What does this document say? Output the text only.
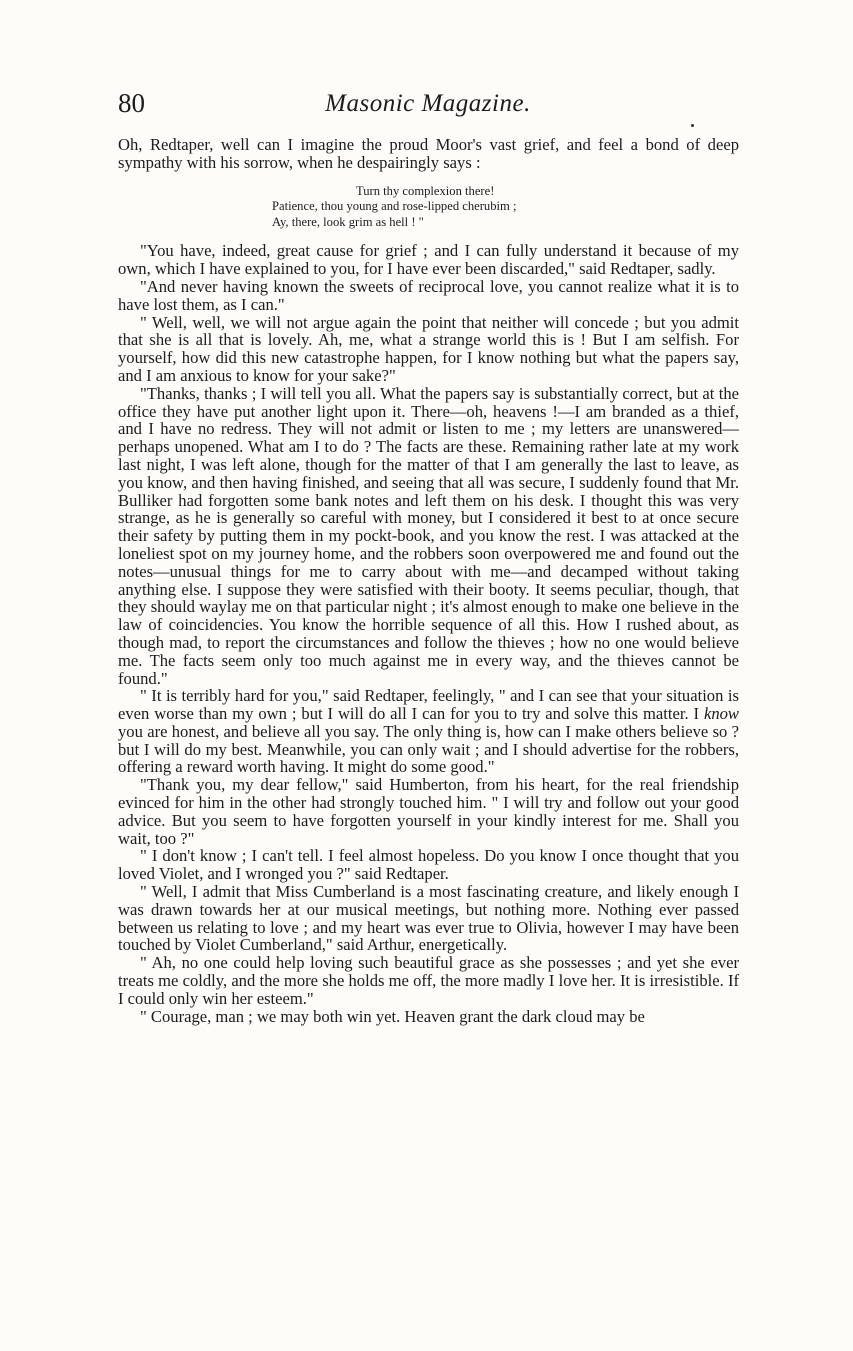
80	Masonic Magazine.

Oh, Redtaper, well can I imagine the proud Moor's vast grief, and feel a bond of deep sympathy with his sorrow, when he despairingly says :

Turn thy complexion there!
Patience, thou young and rose-lipped cherubim ;
Ay, there, look grim as hell ! "

"You have, indeed, great cause for grief ; and I can fully understand it because of my own, which I have explained to you, for I have ever been discarded," said Redtaper, sadly.

"And never having known the sweets of reciprocal love, you cannot realize what it is to have lost them, as I can."

" Well, well, we will not argue again the point that neither will concede ; but you admit that she is all that is lovely. Ah, me, what a strange world this is ! But I am selfish. For yourself, how did this new catastrophe happen, for I know nothing but what the papers say, and I am anxious to know for your sake?"

"Thanks, thanks ; I will tell you all. What the papers say is substantially correct, but at the office they have put another light upon it. There—oh, heavens !—I am branded as a thief, and I have no redress. They will not admit or listen to me ; my letters are unanswered—perhaps unopened. What am I to do ? The facts are these. Remaining rather late at my work last night, I was left alone, though for the matter of that I am generally the last to leave, as you know, and then having finished, and seeing that all was secure, I suddenly found that Mr. Bulliker had forgotten some bank notes and left them on his desk. I thought this was very strange, as he is generally so careful with money, but I considered it best to at once secure their safety by putting them in my pockt-book, and you know the rest. I was attacked at the loneliest spot on my journey home, and the robbers soon overpowered me and found out the notes—unusual things for me to carry about with me—and decamped without taking anything else. I suppose they were satisfied with their booty. It seems peculiar, though, that they should waylay me on that particular night ; it's almost enough to make one believe in the law of coincidencies. You know the horrible sequence of all this. How I rushed about, as though mad, to report the circumstances and follow the thieves ; how no one would believe me. The facts seem only too much against me in every way, and the thieves cannot be found."

" It is terribly hard for you," said Redtaper, feelingly, " and I can see that your situation is even worse than my own ; but I will do all I can for you to try and solve this matter. I know you are honest, and believe all you say. The only thing is, how can I make others believe so ? but I will do my best. Meanwhile, you can only wait ; and I should advertise for the robbers, offering a reward worth having. It might do some good."

"Thank you, my dear fellow," said Humberton, from his heart, for the real friendship evinced for him in the other had strongly touched him. " I will try and follow out your good advice. But you seem to have forgotten yourself in your kindly interest for me. Shall you wait, too ?"

" I don't know ; I can't tell. I feel almost hopeless. Do you know I once thought that you loved Violet, and I wronged you ?" said Redtaper.

" Well, I admit that Miss Cumberland is a most fascinating creature, and likely enough I was drawn towards her at our musical meetings, but nothing more. Nothing ever passed between us relating to love ; and my heart was ever true to Olivia, however I may have been touched by Violet Cumberland," said Arthur, energetically.

" Ah, no one could help loving such beautiful grace as she possesses ; and yet she ever treats me coldly, and the more she holds me off, the more madly I love her. It is irresistible. If I could only win her esteem."

" Courage, man ; we may both win yet. Heaven grant the dark cloud may be
